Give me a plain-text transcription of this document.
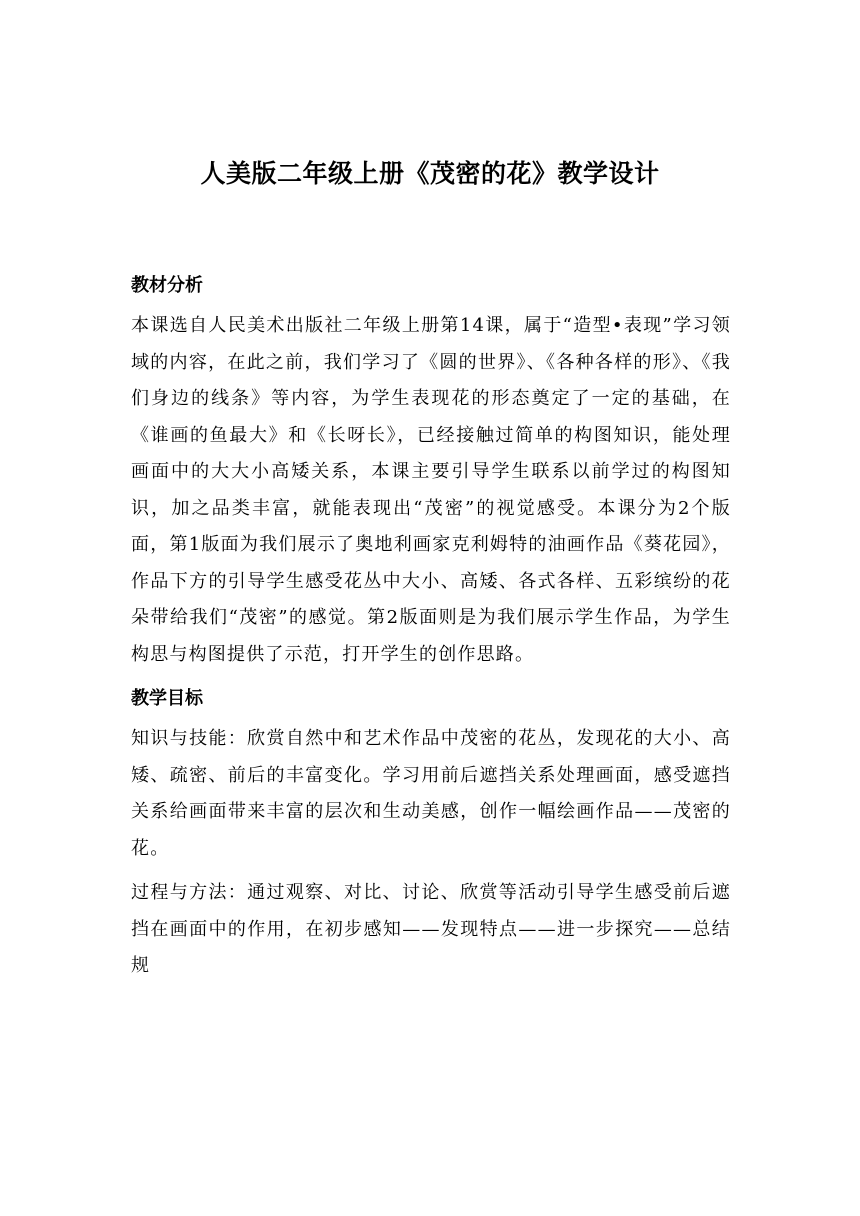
人美版二年级上册《茂密的花》教学设计
教材分析

本课选自人民美术出版社二年级上册第14课，属于“造型•表现”学习领域的内容，在此之前，我们学习了《圆的世界》、《各种各样的形》、《我们身边的线条》等内容，为学生表现花的形态奠定了一定的基础，在《谁画的鱼最大》和《长呀长》，已经接触过简单的构图知识，能处理画面中的大大小高矮关系，本课主要引导学生联系以前学过的构图知识，加之品类丰富，就能表现出“茂密”的视觉感受。本课分为2个版面，第1版面为我们展示了奥地利画家克利姆特的油画作品《葵花园》，作品下方的引导学生感受花丛中大小、高矮、各式各样、五彩缤纷的花朵带给我们“茂密”的感觉。第2版面则是为我们展示学生作品，为学生构思与构图提供了示范，打开学生的创作思路。

教学目标

知识与技能：欣赏自然中和艺术作品中茂密的花丛，发现花的大小、高矮、疏密、前后的丰富变化。学习用前后遮挡关系处理画面，感受遮挡关系给画面带来丰富的层次和生动美感，创作一幅绘画作品——茂密的花。

过程与方法：通过观察、对比、讨论、欣赏等活动引导学生感受前后遮挡在画面中的作用，在初步感知——发现特点——进一步探究——总结规
